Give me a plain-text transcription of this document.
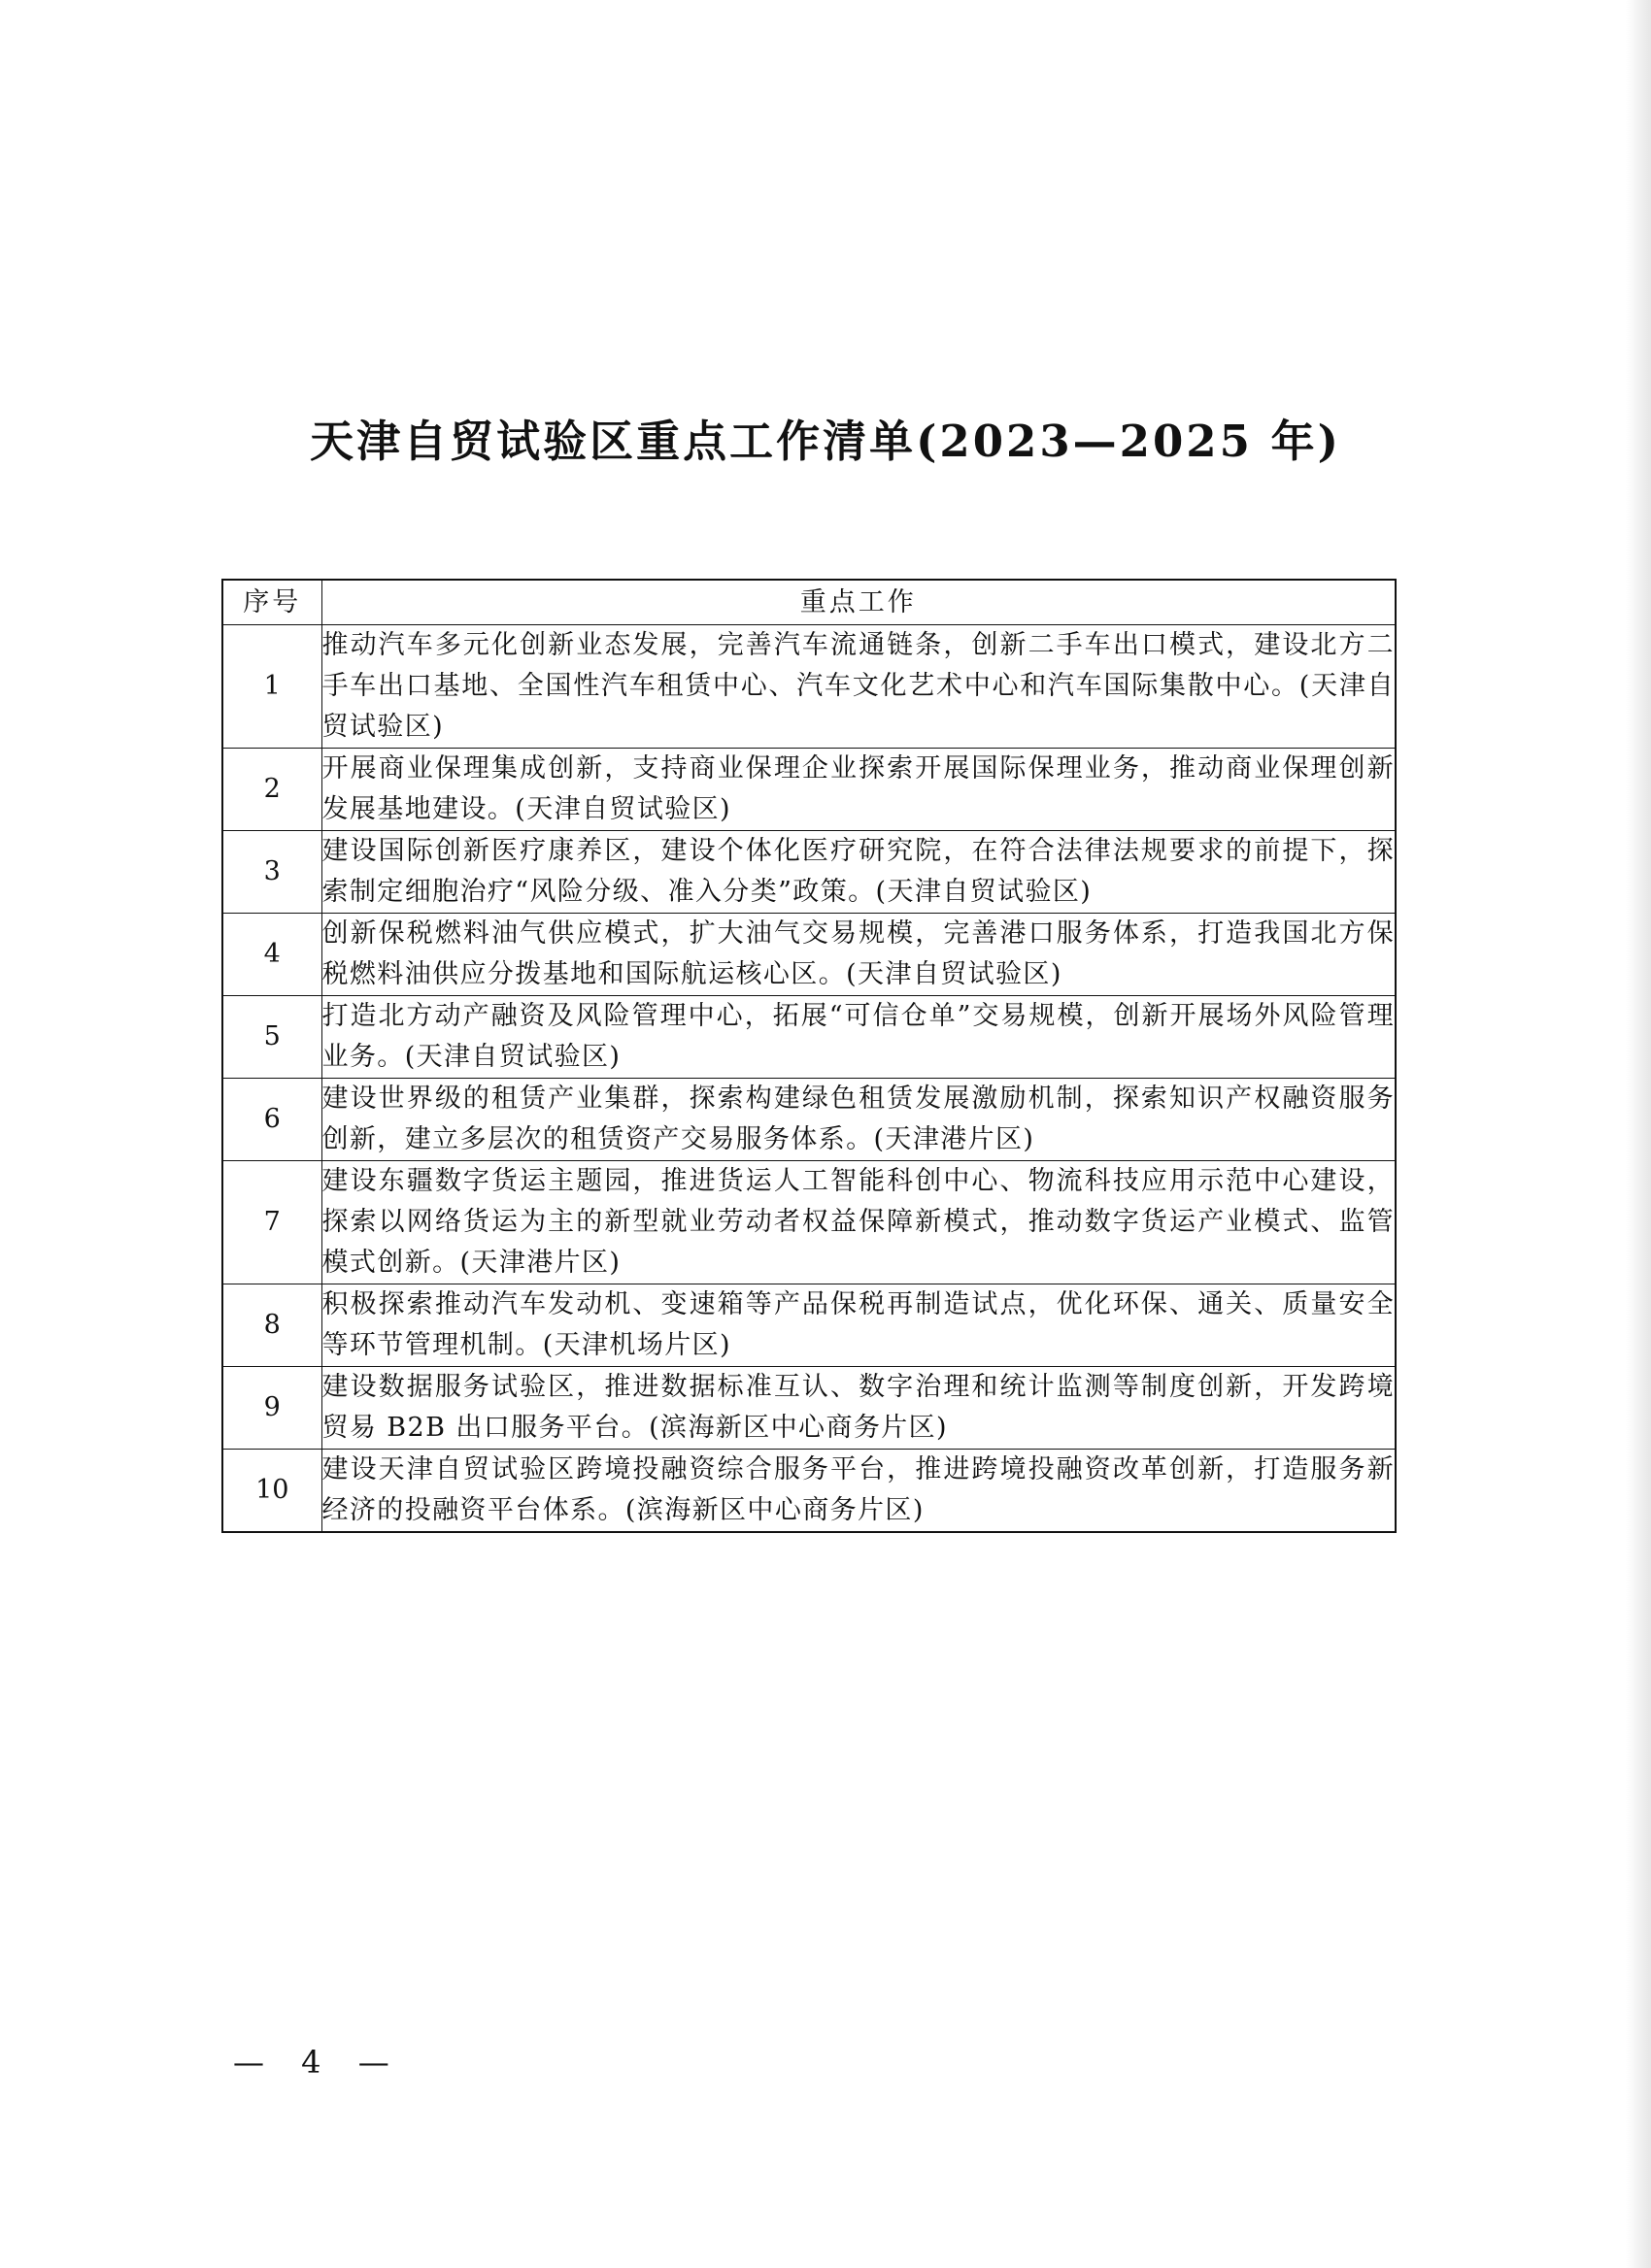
天津自贸试验区重点工作清单(2023—2025 年)
序号	重点工作
1	推动汽车多元化创新业态发展，完善汽车流通链条，创新二手车出口模式，建设北方二手车出口基地、全国性汽车租赁中心、汽车文化艺术中心和汽车国际集散中心。(天津自贸试验区)
2	开展商业保理集成创新，支持商业保理企业探索开展国际保理业务，推动商业保理创新发展基地建设。(天津自贸试验区)
3	建设国际创新医疗康养区，建设个体化医疗研究院，在符合法律法规要求的前提下，探索制定细胞治疗“风险分级、准入分类”政策。(天津自贸试验区)
4	创新保税燃料油气供应模式，扩大油气交易规模，完善港口服务体系，打造我国北方保税燃料油供应分拨基地和国际航运核心区。(天津自贸试验区)
5	打造北方动产融资及风险管理中心，拓展“可信仓单”交易规模，创新开展场外风险管理业务。(天津自贸试验区)
6	建设世界级的租赁产业集群，探索构建绿色租赁发展激励机制，探索知识产权融资服务创新，建立多层次的租赁资产交易服务体系。(天津港片区)
7	建设东疆数字货运主题园，推进货运人工智能科创中心、物流科技应用示范中心建设，探索以网络货运为主的新型就业劳动者权益保障新模式，推动数字货运产业模式、监管模式创新。(天津港片区)
8	积极探索推动汽车发动机、变速箱等产品保税再制造试点，优化环保、通关、质量安全等环节管理机制。(天津机场片区)
9	建设数据服务试验区，推进数据标准互认、数字治理和统计监测等制度创新，开发跨境贸易 B2B 出口服务平台。(滨海新区中心商务片区)
10	建设天津自贸试验区跨境投融资综合服务平台，推进跨境投融资改革创新，打造服务新经济的投融资平台体系。(滨海新区中心商务片区)
— 4 —
